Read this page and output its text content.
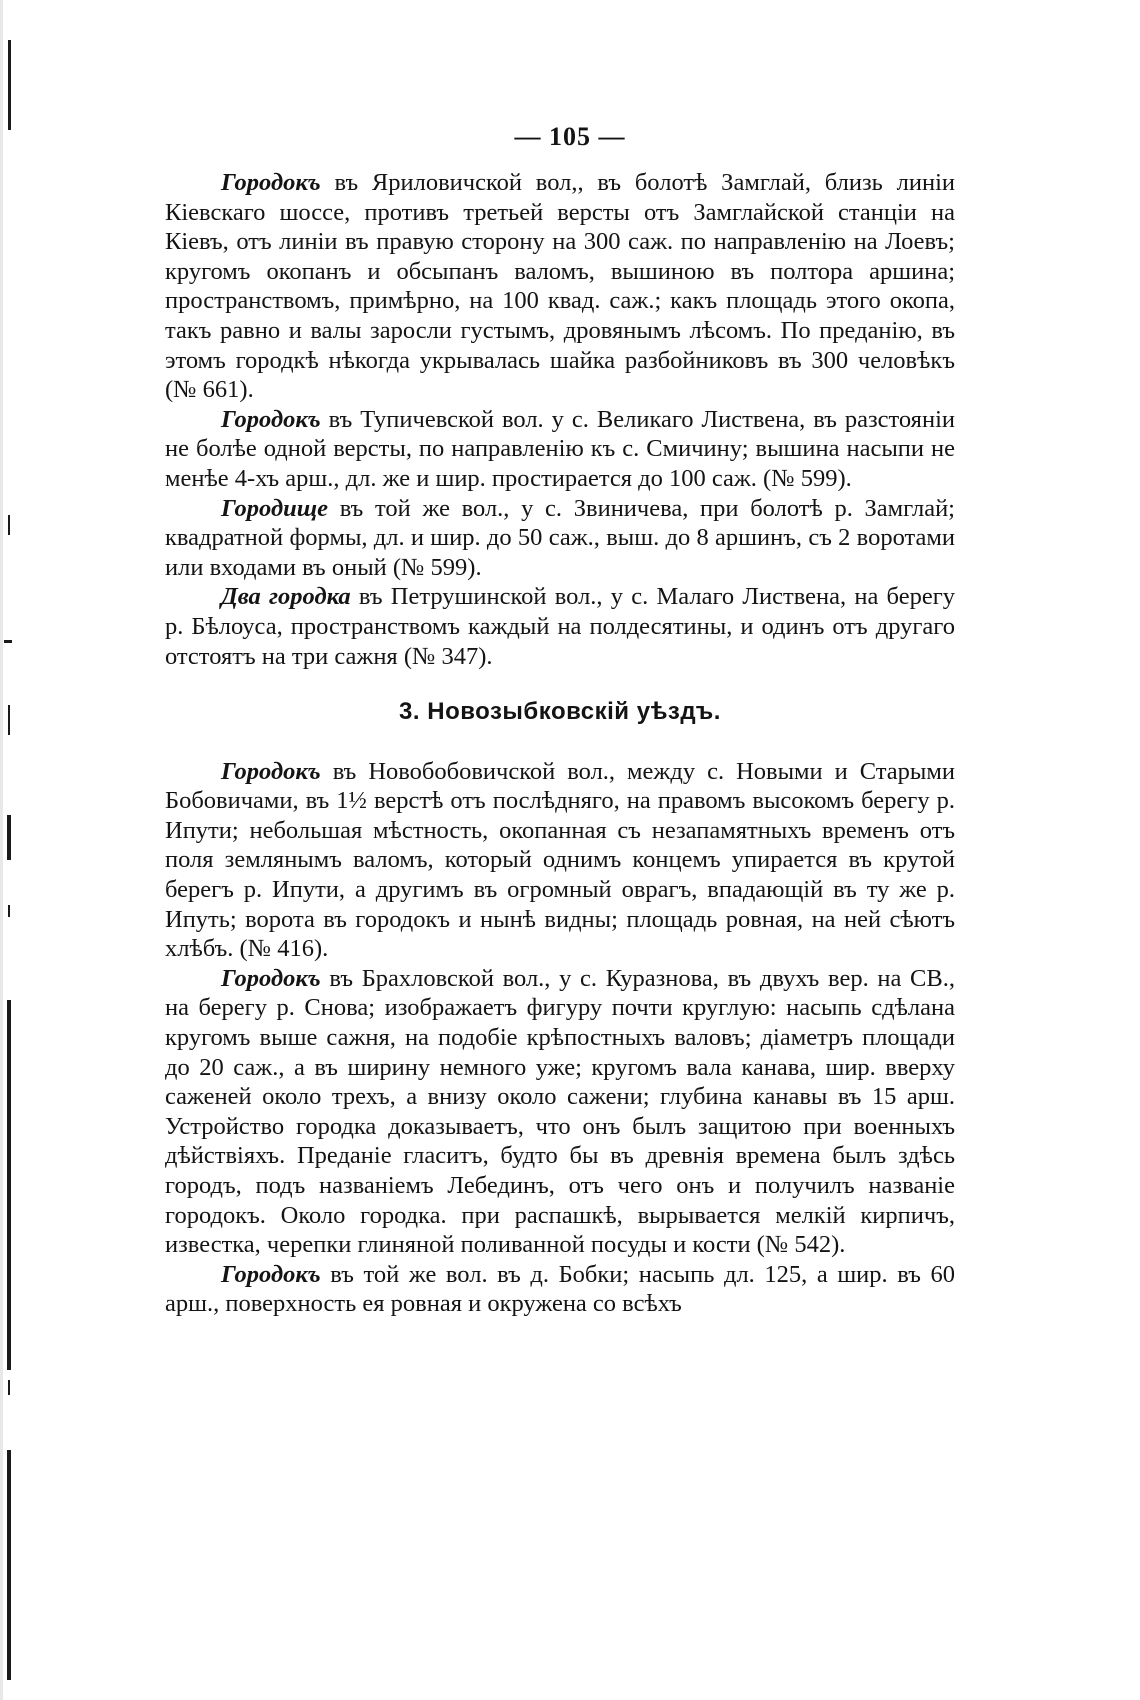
— 105 —

Городокъ въ Яриловичской вол,, въ болотѣ Замглай, близь линіи Кіевскаго шоссе, противъ третьей версты отъ Замглайской станціи на Кіевъ, отъ линіи въ правую сторону на 300 саж. по направленію на Лоевъ; кругомъ окопанъ и обсыпанъ валомъ, вышиною въ полтора аршина; пространствомъ, примѣрно, на 100 квад. саж.; какъ площадь этого окопа, такъ равно и валы заросли густымъ, дровянымъ лѣсомъ. По преданію, въ этомъ городкѣ нѣкогда укрывалась шайка разбойниковъ въ 300 человѣкъ (№ 661).

Городокъ въ Тупичевской вол. у с. Великаго Листвена, въ разстояніи не болѣе одной версты, по направленію къ с. Смичину; вышина насыпи не менѣе 4-хъ арш., дл. же и шир. простирается до 100 саж. (№ 599).

Городище въ той же вол., у с. Звиничева, при болотѣ р. Замглай; квадратной формы, дл. и шир. до 50 саж., выш. до 8 аршинъ, съ 2 воротами или входами въ оный (№ 599).

Два городка въ Петрушинской вол., у с. Малаго Листвена, на берегу р. Бѣлоуса, пространствомъ каждый на полдесятины, и одинъ отъ другаго отстоятъ на три сажня (№ 347).

3. Новозыбковскій уѣздъ.

Городокъ въ Новобобовичской вол., между с. Новыми и Старыми Бобовичами, въ 1½ верстѣ отъ послѣдняго, на правомъ высокомъ берегу р. Ипути; небольшая мѣстность, окопанная съ незапамятныхъ временъ отъ поля землянымъ валомъ, который однимъ концемъ упирается въ крутой берегъ р. Ипути, а другимъ въ огромный оврагъ, впадающій въ ту же р. Ипуть; ворота въ городокъ и нынѣ видны; площадь ровная, на ней сѣютъ хлѣбъ. (№ 416).

Городокъ въ Брахловской вол., у с. Куразнова, въ двухъ вер. на СВ., на берегу р. Снова; изображаетъ фигуру почти круглую: насыпь сдѣлана кругомъ выше сажня, на подобіе крѣпостныхъ валовъ; діаметръ площади до 20 саж., а въ ширину немного уже; кругомъ вала канава, шир. вверху саженей около трехъ, а внизу около сажени; глубина канавы въ 15 арш. Устройство городка доказываетъ, что онъ былъ защитою при военныхъ дѣйствіяхъ. Преданіе гласитъ, будто бы въ древнія времена былъ здѣсь городъ, подъ названіемъ Лебединъ, отъ чего онъ и получилъ названіе городокъ. Около городка. при распашкѣ, вырывается мелкій кирпичъ, известка, черепки глиняной поливанной посуды и кости (№ 542).

Городокъ въ той же вол. въ д. Бобки; насыпь дл. 125, а шир. въ 60 арш., поверхность ея ровная и окружена со всѣхъ
